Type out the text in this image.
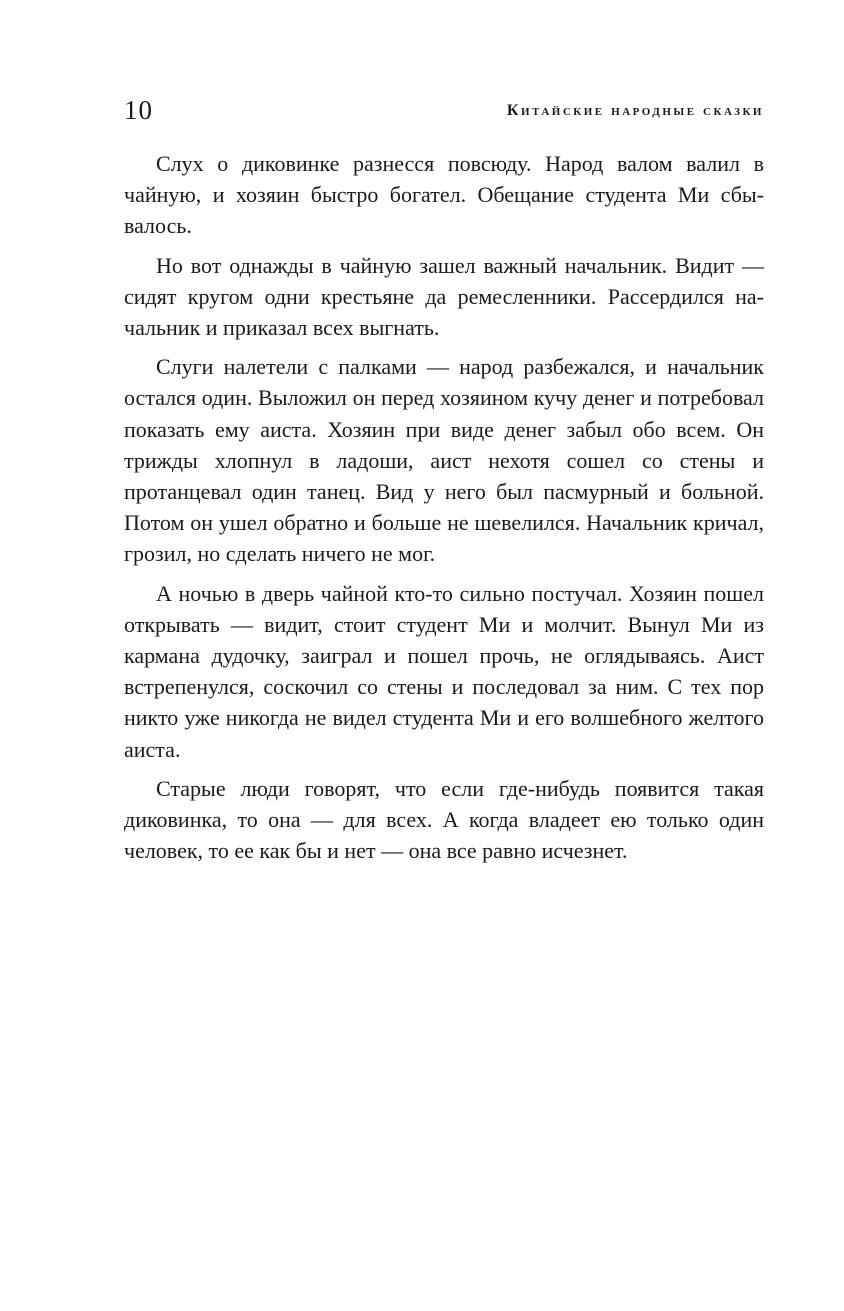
10	Китайские народные сказки

Слух о диковинке разнесся повсюду. Народ валом валил в чайную, и хозяин быстро богател. Обещание студента Ми сбывалось.

Но вот однажды в чайную зашел важный начальник. Видит — сидят кругом одни крестьяне да ремесленники. Рассердился начальник и приказал всех выгнать.

Слуги налетели с палками — народ разбежался, и начальник остался один. Выложил он перед хозяином кучу денег и потребовал показать ему аиста. Хозяин при виде денег забыл обо всем. Он трижды хлопнул в ладоши, аист нехотя сошел со стены и протанцевал один танец. Вид у него был пасмурный и больной. Потом он ушел обратно и больше не шевелился. Начальник кричал, грозил, но сделать ничего не мог.

А ночью в дверь чайной кто-то сильно постучал. Хозяин пошел открывать — видит, стоит студент Ми и молчит. Вынул Ми из кармана дудочку, заиграл и пошел прочь, не оглядываясь. Аист встрепенулся, соскочил со стены и последовал за ним. С тех пор никто уже никогда не видел студента Ми и его волшебного желтого аиста.

Старые люди говорят, что если где-нибудь появится такая диковинка, то она — для всех. А когда владеет ею только один человек, то ее как бы и нет — она все равно исчезнет.
